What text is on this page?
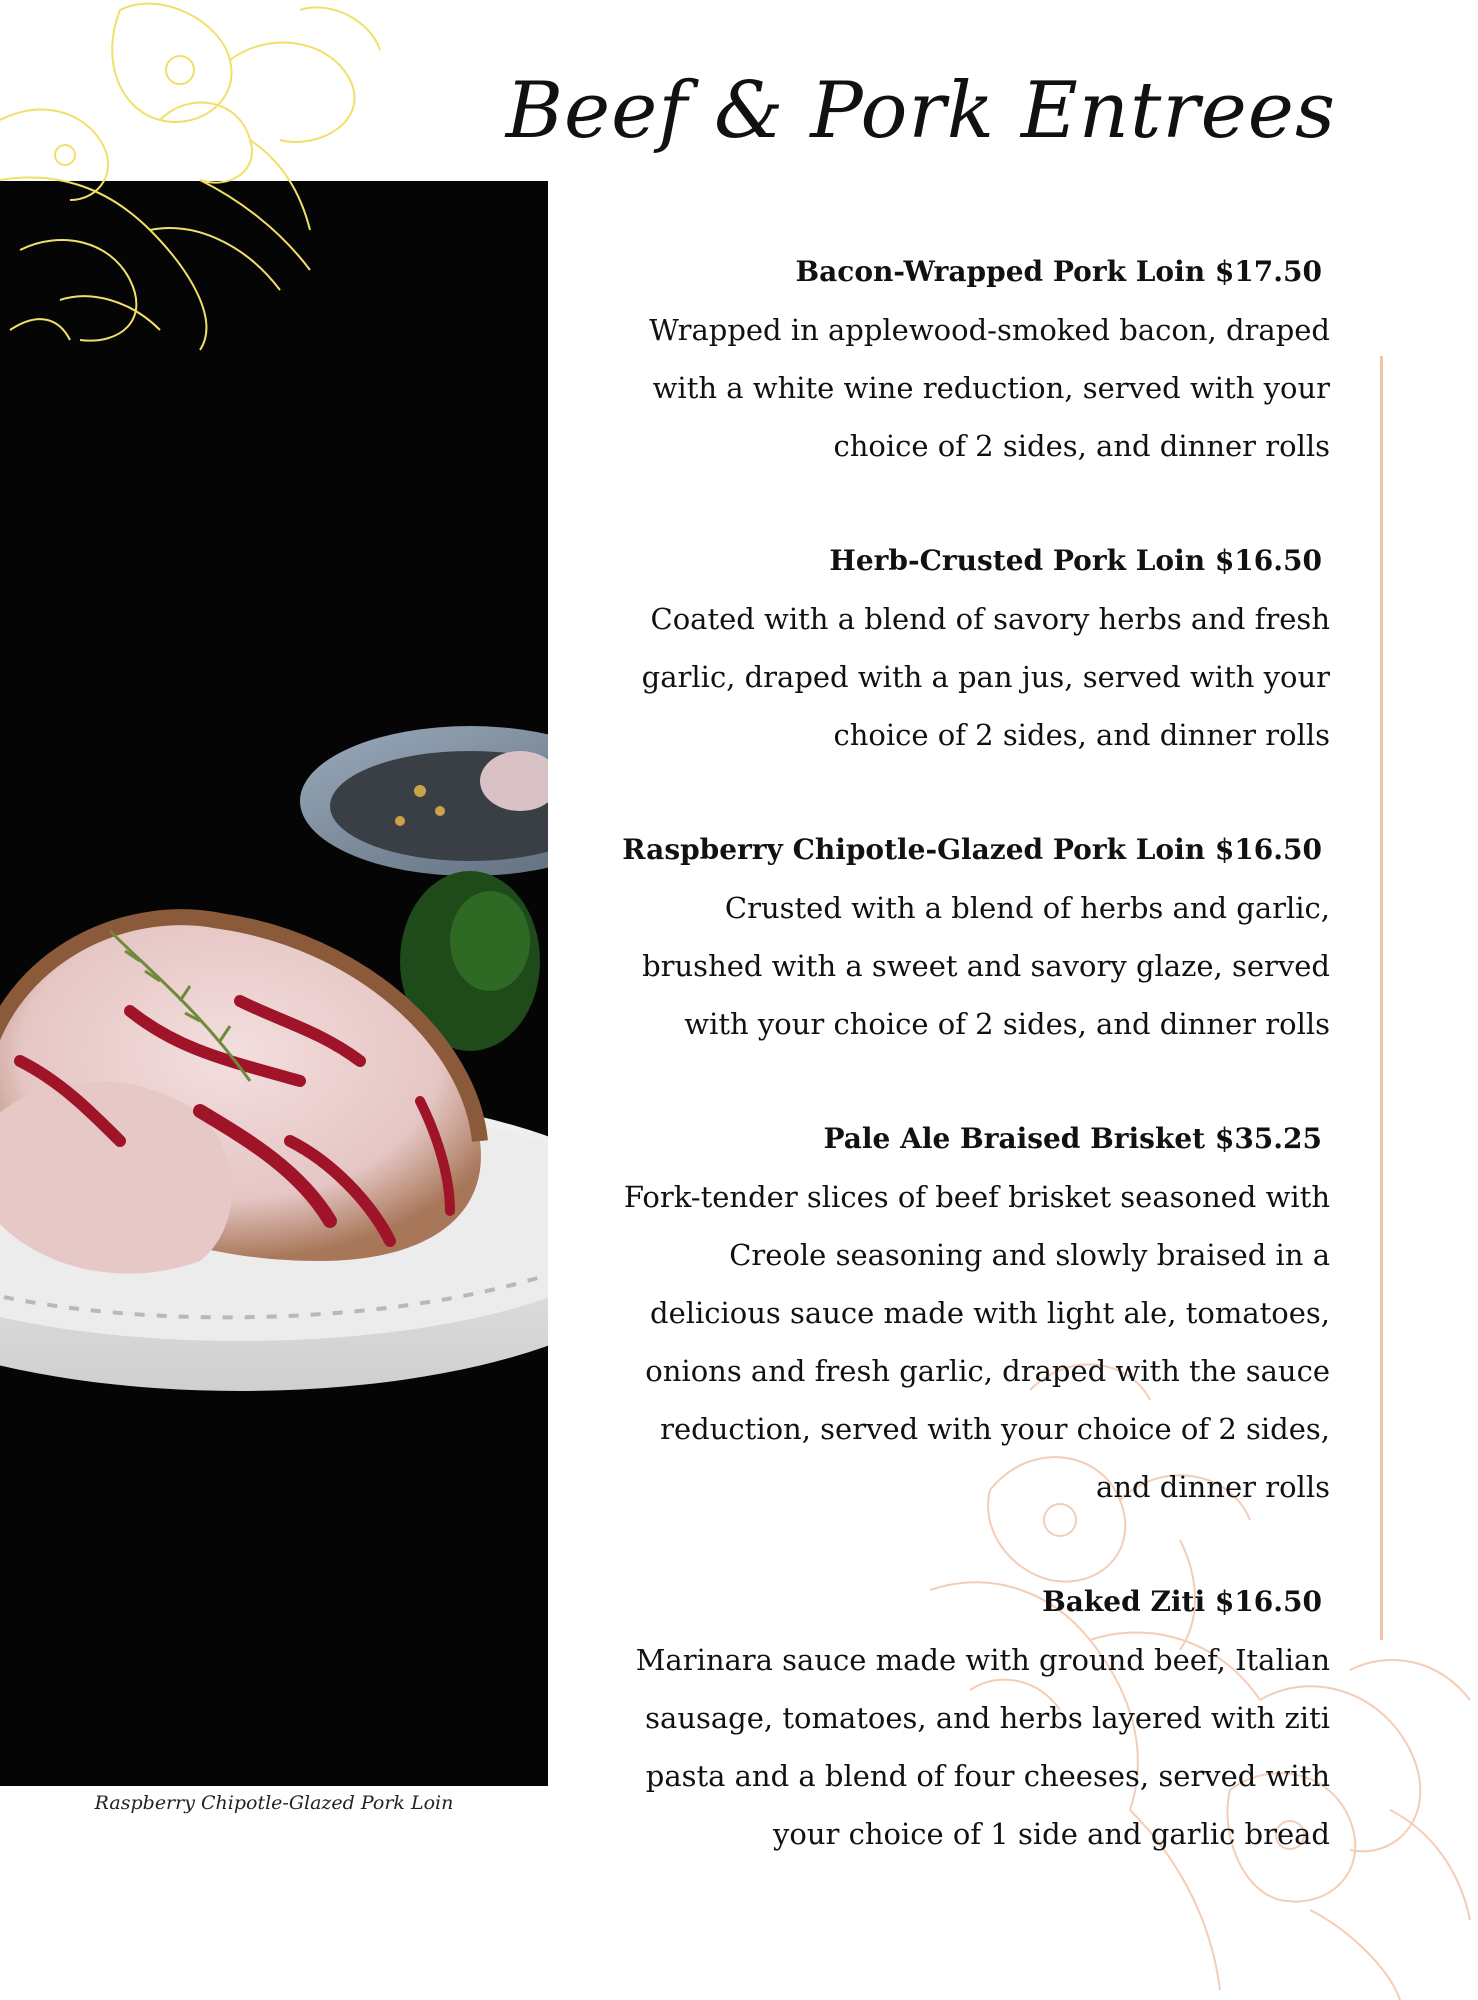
Raspberry Chipotle-Glazed Pork Loin
Beef & Pork Entrees
Bacon-Wrapped Pork Loin $17.50
Wrapped in applewood-smoked bacon, draped with a white wine reduction, served with your choice of 2 sides, and dinner rolls
Herb-Crusted Pork Loin $16.50
Coated with a blend of savory herbs and fresh garlic, draped with a pan jus, served with your choice of 2 sides, and dinner rolls
Raspberry Chipotle-Glazed Pork Loin $16.50
Crusted with a blend of herbs and garlic, brushed with a sweet and savory glaze, served with your choice of 2 sides, and dinner rolls
Pale Ale Braised Brisket $35.25
Fork-tender slices of beef brisket seasoned with Creole seasoning and slowly braised in a delicious sauce made with light ale, tomatoes, onions and fresh garlic, draped with the sauce reduction, served with your choice of 2 sides, and dinner rolls
Baked Ziti $16.50
Marinara sauce made with ground beef, Italian sausage, tomatoes, and herbs layered with ziti pasta and a blend of four cheeses, served with your choice of 1 side and garlic bread
